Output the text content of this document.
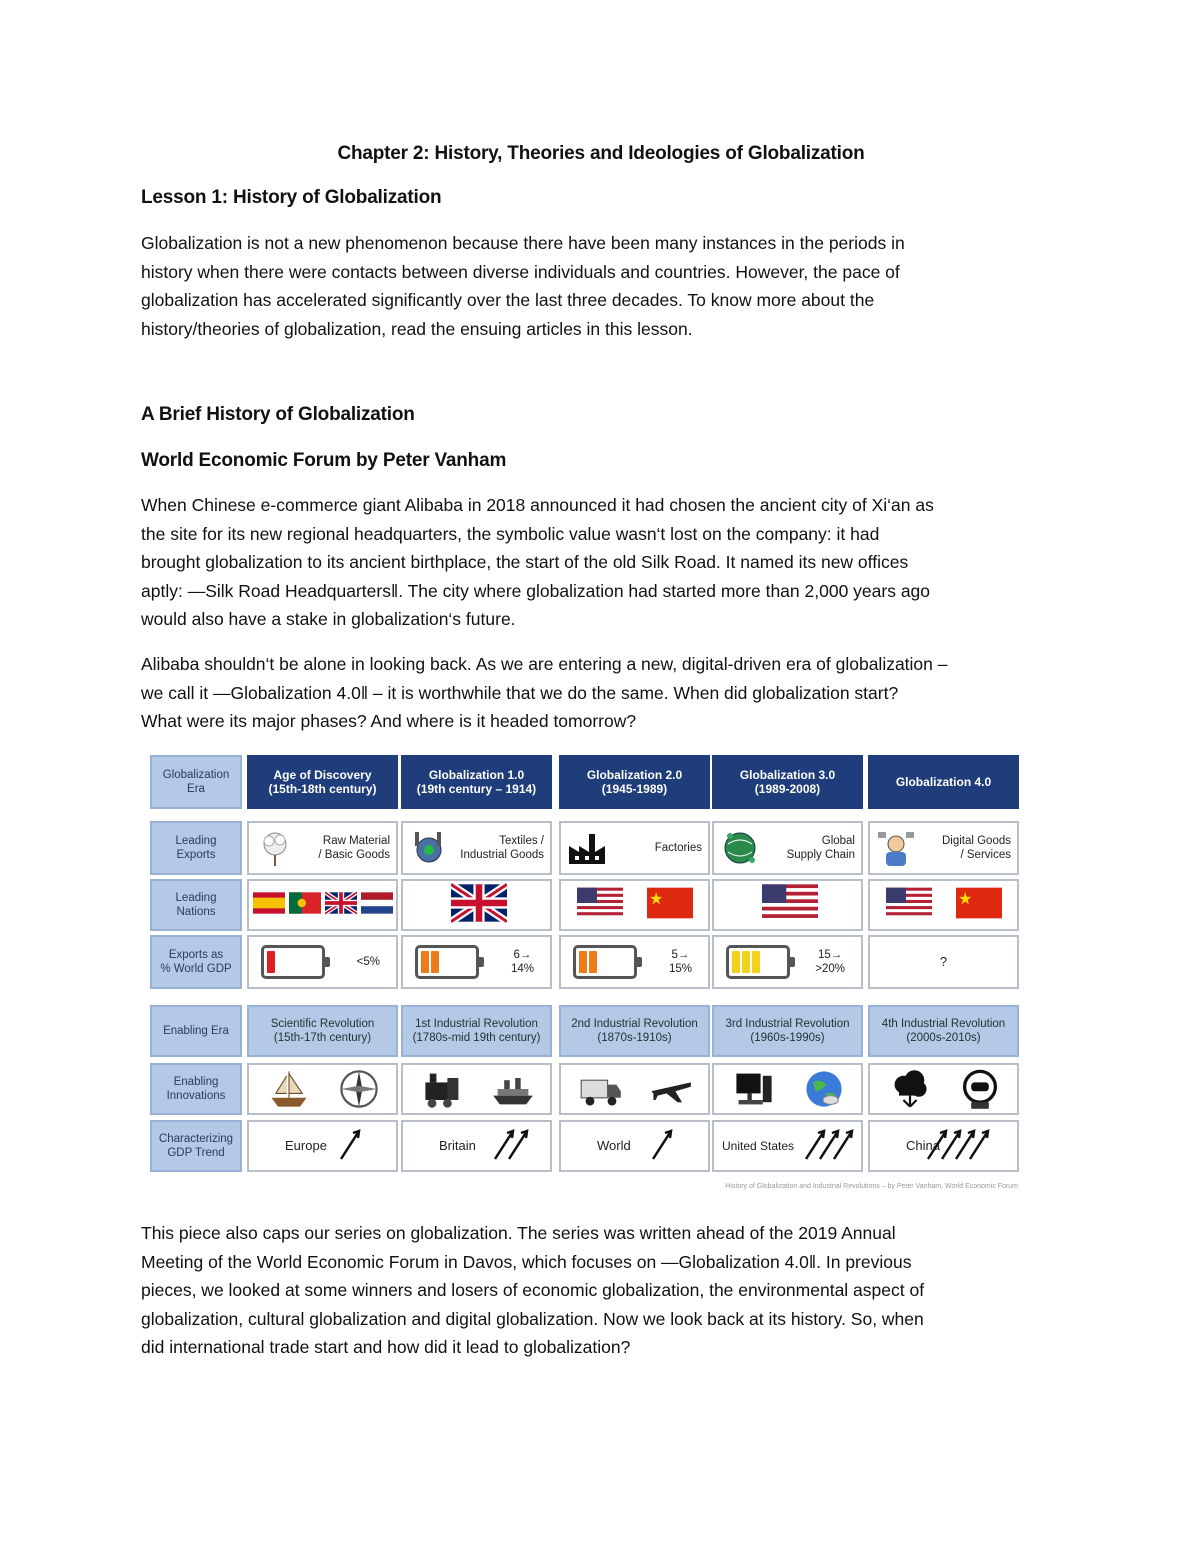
Chapter 2: History, Theories and Ideologies of Globalization
Lesson 1: History of Globalization
Globalization is not a new phenomenon because there have been many instances in the periods in
history when there were contacts between diverse individuals and countries. However, the pace of
globalization has accelerated significantly over the last three decades. To know more about the
history/theories of globalization, read the ensuing articles in this lesson.
A Brief History of Globalization
World Economic Forum by Peter Vanham
When Chinese e-commerce giant Alibaba in 2018 announced it had chosen the ancient city of Xi‘an as
the site for its new regional headquarters, the symbolic value wasn‘t lost on the company: it had
brought globalization to its ancient birthplace, the start of the old Silk Road. It named its new offices
aptly: ―Silk Road Headquarters‖. The city where globalization had started more than 2,000 years ago
would also have a stake in globalization‘s future.
Alibaba shouldn‘t be alone in looking back. As we are entering a new, digital-driven era of globalization –
we call it ―Globalization 4.0‖ – it is worthwhile that we do the same. When did globalization start?
What were its major phases? And where is it headed tomorrow?
This piece also caps our series on globalization. The series was written ahead of the 2019 Annual
Meeting of the World Economic Forum in Davos, which focuses on ―Globalization 4.0‖. In previous
pieces, we looked at some winners and losers of economic globalization, the environmental aspect of
globalization, cultural globalization and digital globalization. Now we look back at its history. So, when
did international trade start and how did it lead to globalization?
History of Globalization and Industrial Revolutions – by Peter Vanham, World Economic Forum
Globalization
Era
Leading
Exports
Leading
Nations
Exports as
% World GDP
Enabling Era
Enabling
Innovations
Characterizing
GDP Trend
Age of Discovery
(15th-18th century)
Raw Material
/ Basic Goods
<5%
Scientific Revolution
(15th-17th century)
Europe
Globalization 1.0
(19th century – 1914)
Textiles /
Industrial Goods
6→
14%
1st Industrial Revolution
(1780s-mid 19th century)
Britain
Globalization 2.0
(1945-1989)
Factories
5→
15%
2nd Industrial Revolution
(1870s-1910s)
World
Globalization 3.0
(1989-2008)
Global
Supply Chain
15→
>20%
3rd Industrial Revolution
(1960s-1990s)
United States
Globalization 4.0
Digital Goods
/ Services
?
4th Industrial Revolution
(2000s-2010s)
China
